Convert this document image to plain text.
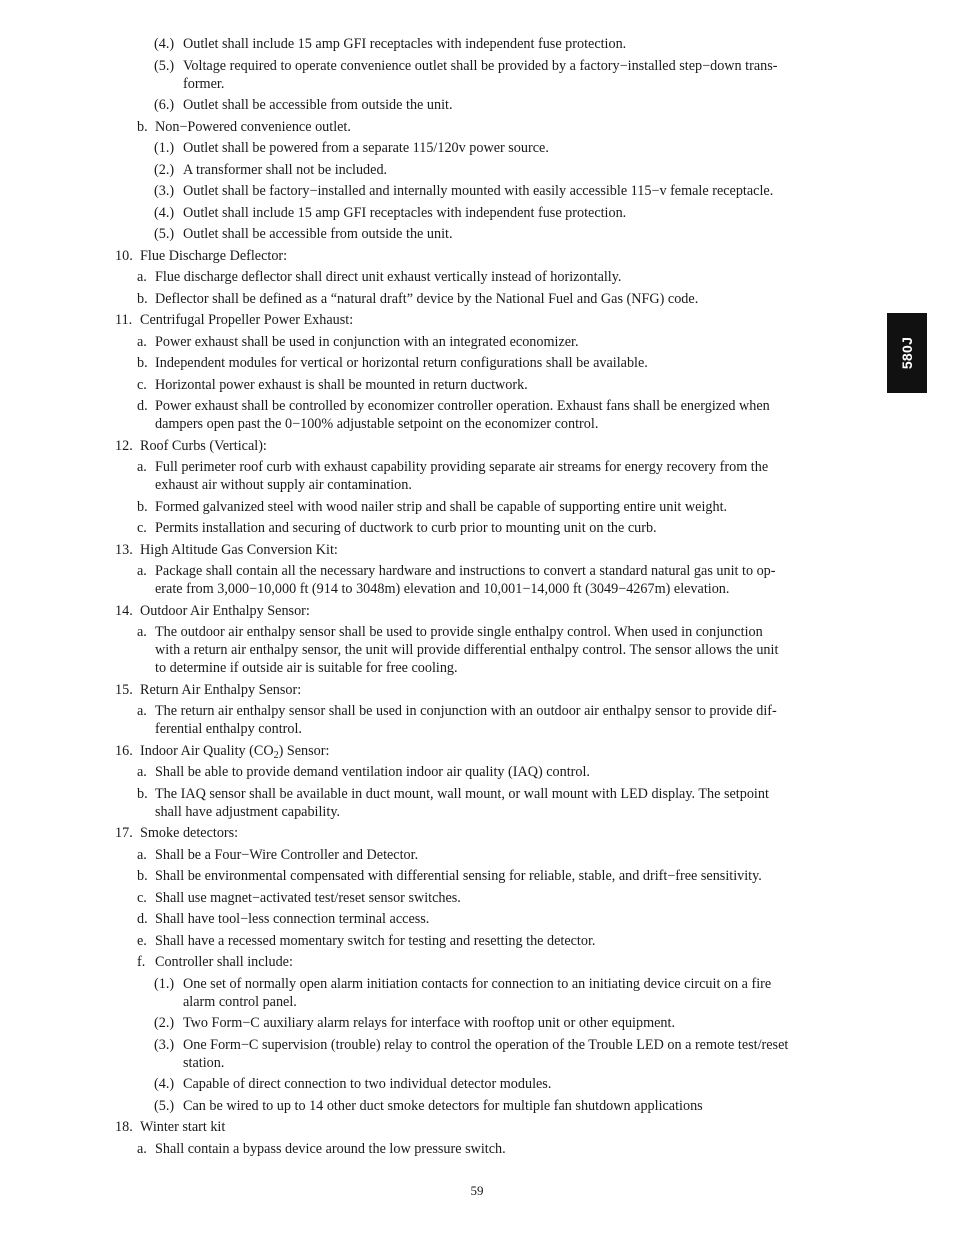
(4.) Outlet shall include 15 amp GFI receptacles with independent fuse protection.
(5.) Voltage required to operate convenience outlet shall be provided by a factory−installed step−down trans-
former.
(6.) Outlet shall be accessible from outside the unit.
b. Non−Powered convenience outlet.
(1.) Outlet shall be powered from a separate 115/120v power source.
(2.) A transformer shall not be included.
(3.) Outlet shall be factory−installed and internally mounted with easily accessible 115−v female receptacle.
(4.) Outlet shall include 15 amp GFI receptacles with independent fuse protection.
(5.) Outlet shall be accessible from outside the unit.
10. Flue Discharge Deflector:
a. Flue discharge deflector shall direct unit exhaust vertically instead of horizontally.
b. Deflector shall be defined as a “natural draft” device by the National Fuel and Gas (NFG) code.
11. Centrifugal Propeller Power Exhaust:
a. Power exhaust shall be used in conjunction with an integrated economizer.
b. Independent modules for vertical or horizontal return configurations shall be available.
c. Horizontal power exhaust is shall be mounted in return ductwork.
d. Power exhaust shall be controlled by economizer controller operation. Exhaust fans shall be energized when
dampers open past the 0−100% adjustable setpoint on the economizer control.
12. Roof Curbs (Vertical):
a. Full perimeter roof curb with exhaust capability providing separate air streams for energy recovery from the
exhaust air without supply air contamination.
b. Formed galvanized steel with wood nailer strip and shall be capable of supporting entire unit weight.
c. Permits installation and securing of ductwork to curb prior to mounting unit on the curb.
13. High Altitude Gas Conversion Kit:
a. Package shall contain all the necessary hardware and instructions to convert a standard natural gas unit to op-
erate from 3,000−10,000 ft (914 to 3048m) elevation and 10,001−14,000 ft (3049−4267m) elevation.
14. Outdoor Air Enthalpy Sensor:
a. The outdoor air enthalpy sensor shall be used to provide single enthalpy control. When used in conjunction
with a return air enthalpy sensor, the unit will provide differential enthalpy control. The sensor allows the unit
to determine if outside air is suitable for free cooling.
15. Return Air Enthalpy Sensor:
a. The return air enthalpy sensor shall be used in conjunction with an outdoor air enthalpy sensor to provide dif-
ferential enthalpy control.
16. Indoor Air Quality $(CO_2)$ Sensor:
a. Shall be able to provide demand ventilation indoor air quality (IAQ) control.
b. The IAQ sensor shall be available in duct mount, wall mount, or wall mount with LED display. The setpoint
shall have adjustment capability.
17. Smoke detectors:
a. Shall be a Four−Wire Controller and Detector.
b. Shall be environmental compensated with differential sensing for reliable, stable, and drift−free sensitivity.
c. Shall use magnet−activated test/reset sensor switches.
d. Shall have tool−less connection terminal access.
e. Shall have a recessed momentary switch for testing and resetting the detector.
f. Controller shall include:
(1.) One set of normally open alarm initiation contacts for connection to an initiating device circuit on a fire
alarm control panel.
(2.) Two Form−C auxiliary alarm relays for interface with rooftop unit or other equipment.
(3.) One Form−C supervision (trouble) relay to control the operation of the Trouble LED on a remote test/reset
station.
(4.) Capable of direct connection to two individual detector modules.
(5.) Can be wired to up to 14 other duct smoke detectors for multiple fan shutdown applications
18. Winter start kit
a. Shall contain a bypass device around the low pressure switch.
580J
59
